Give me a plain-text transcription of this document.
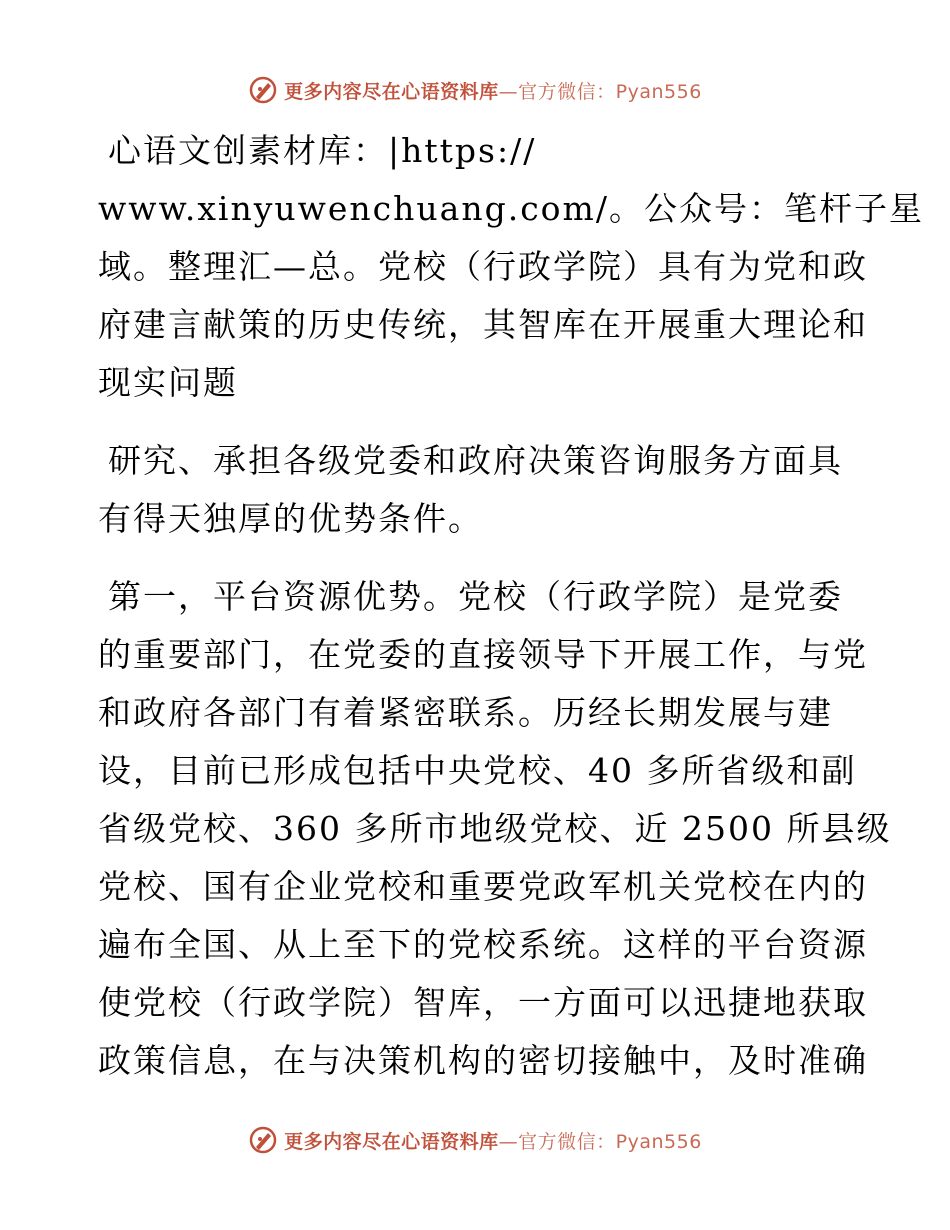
更多内容尽在心语资料库—官方微信：Pyan556
心语文创素材库：|https://
www.xinyuwenchuang.com/。公众号：笔杆子星
域。整理汇—总。党校（行政学院）具有为党和政
府建言献策的历史传统，其智库在开展重大理论和
现实问题
研究、承担各级党委和政府决策咨询服务方面具
有得天独厚的优势条件。
第一，平台资源优势。党校（行政学院）是党委
的重要部门，在党委的直接领导下开展工作，与党
和政府各部门有着紧密联系。历经长期发展与建
设，目前已形成包括中央党校、40 多所省级和副
省级党校、360 多所市地级党校、近 2500 所县级
党校、国有企业党校和重要党政军机关党校在内的
遍布全国、从上至下的党校系统。这样的平台资源
使党校（行政学院）智库，一方面可以迅捷地获取
政策信息，在与决策机构的密切接触中，及时准确
更多内容尽在心语资料库—官方微信：Pyan556
